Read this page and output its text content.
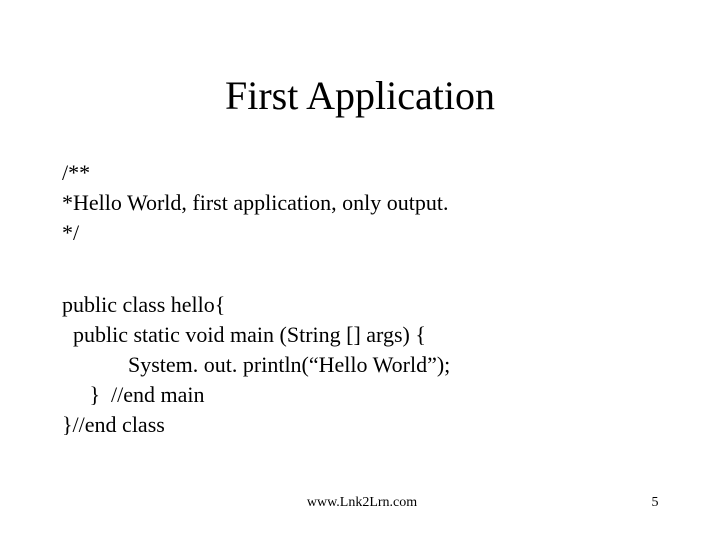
First Application
/**
*Hello World, first application, only output.
*/
public class hello{
public static void main (String [] args) {
System. out. println(“Hello World”);
}  //end main
}//end class
www.Lnk2Lrn.com	5
